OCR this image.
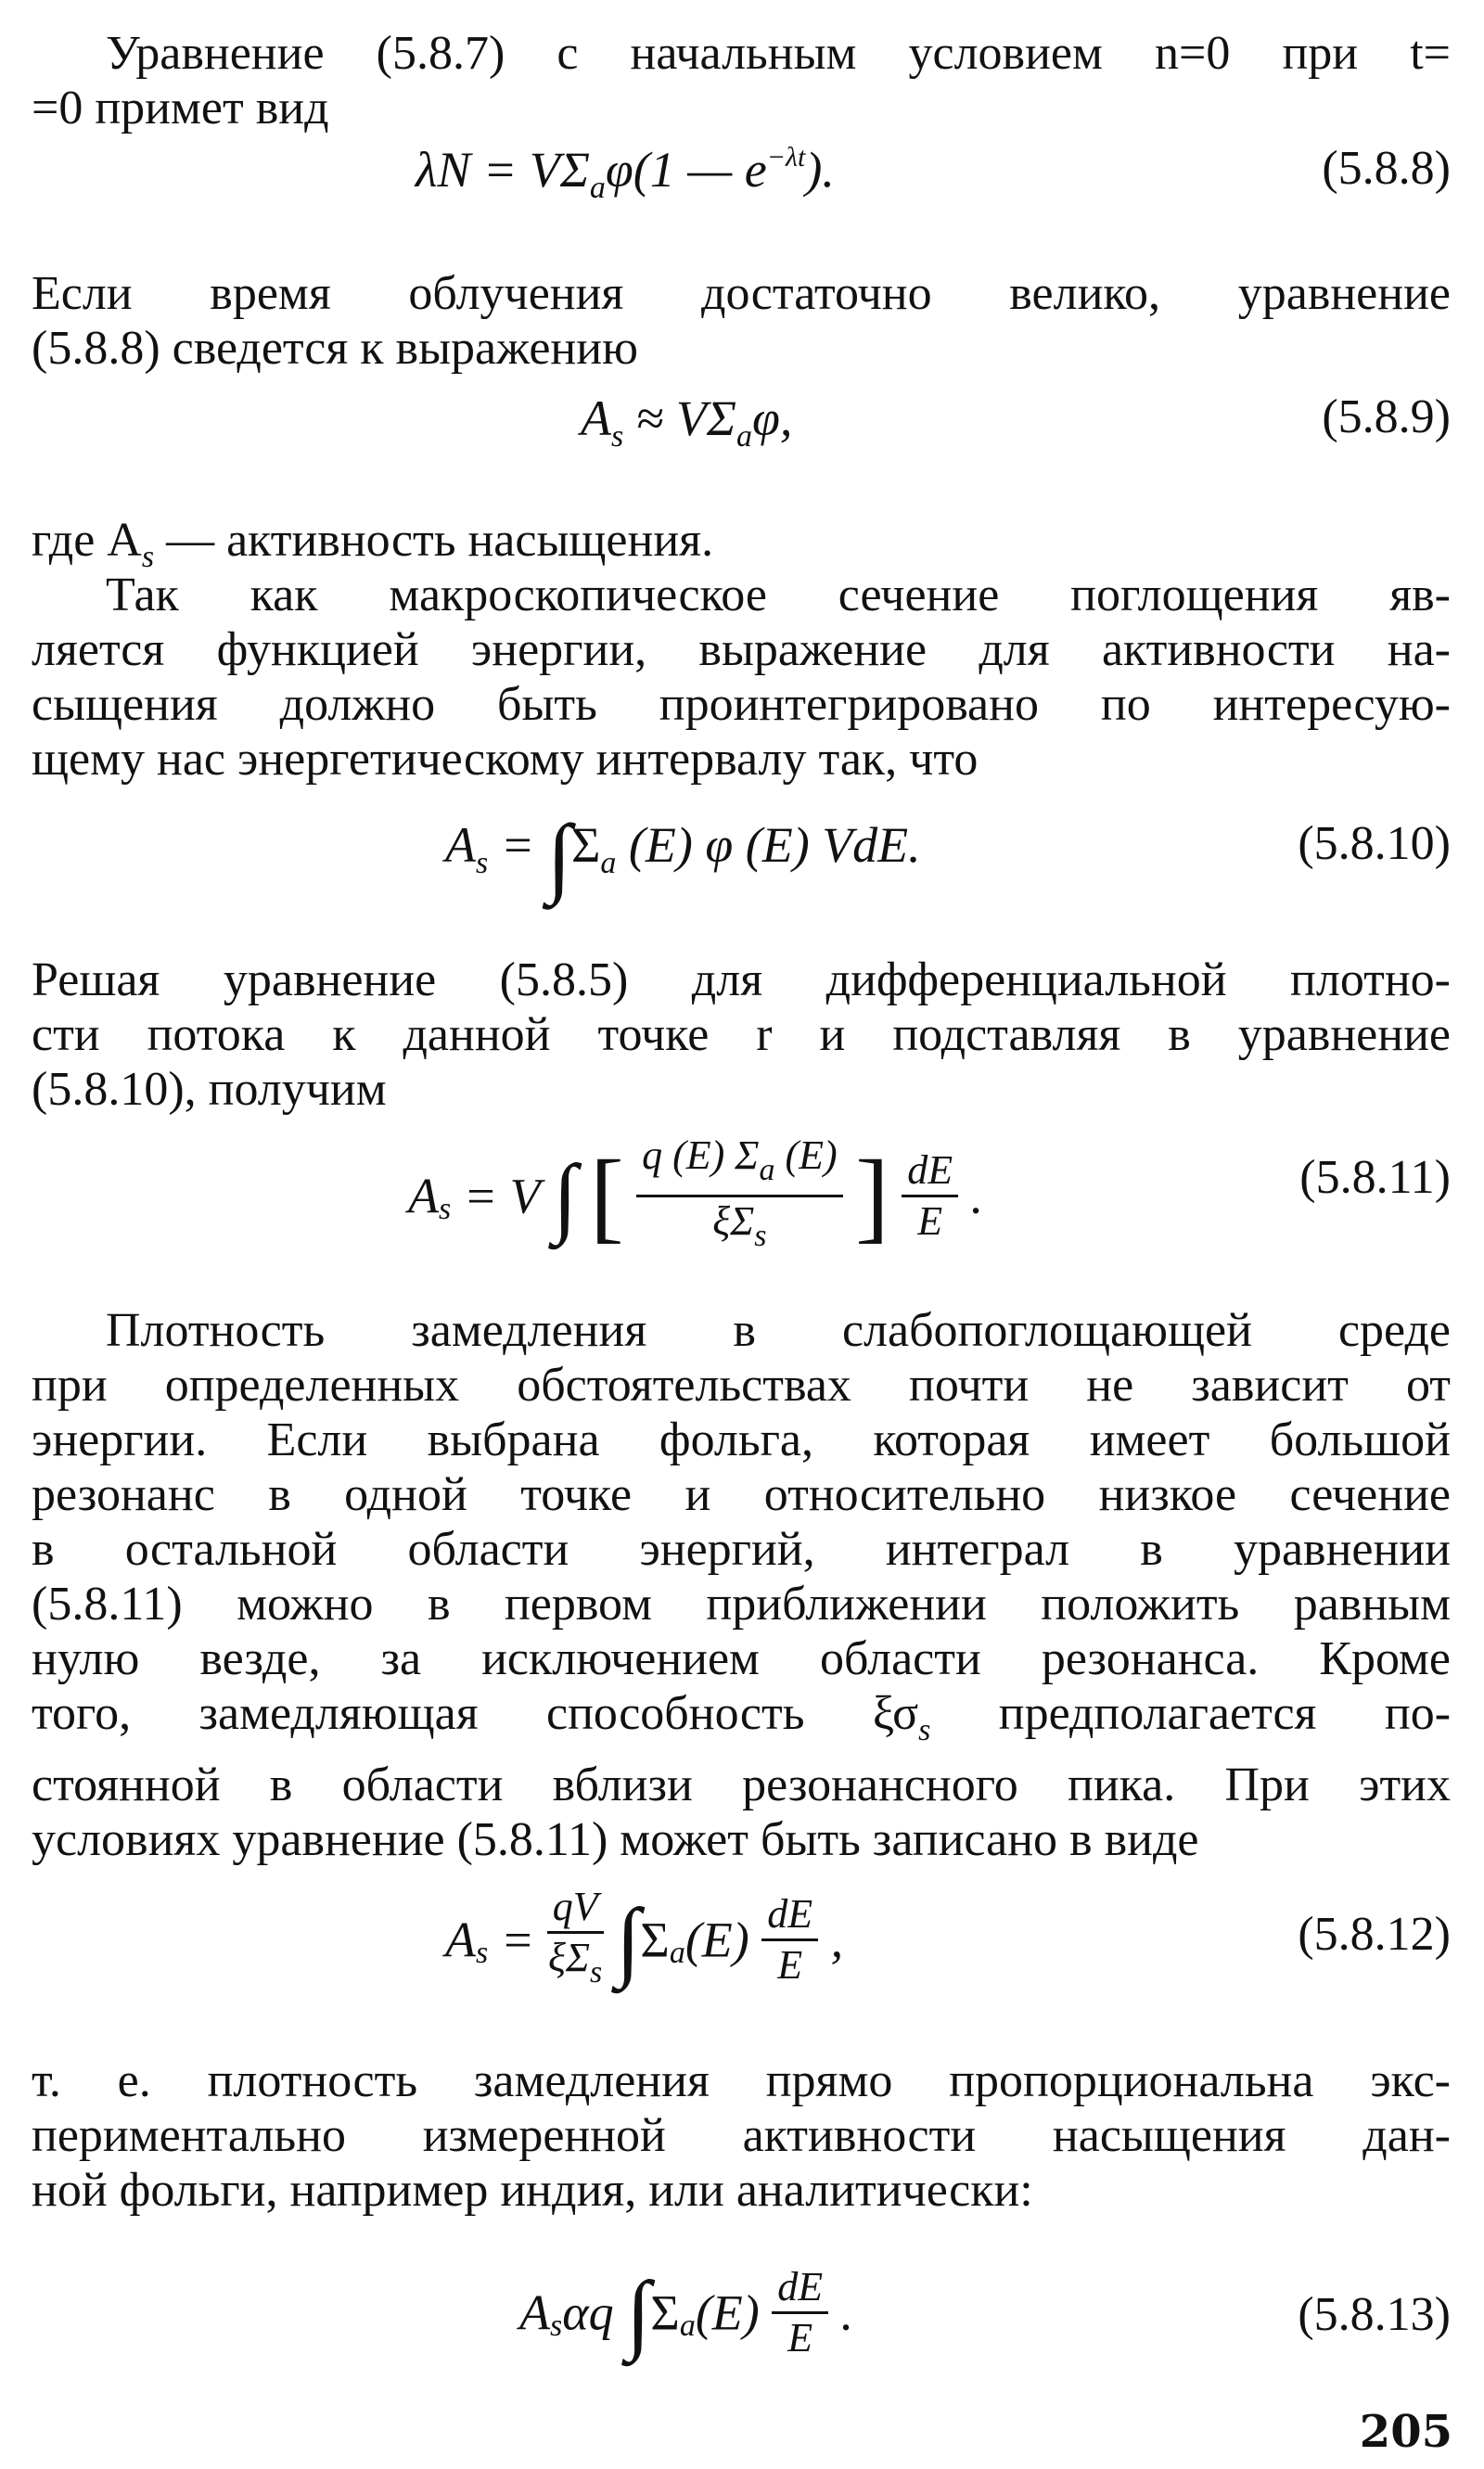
Уравнение (5.8.7) с начальным условием n=0 при t=
=0 примет вид

$\lambda N = V\Sigma_a\varphi(1$ — $e^{-\lambda t}$).	(5.8.8)

Если время облучения достаточно велико, уравнение
(5.8.8) сведется к выражению

$A_s \approx V\Sigma_a\varphi$,	(5.8.9)

где $A_s$ — активность насыщения.

Так как макроскопическое сечение поглощения яв-
ляется функцией энергии, выражение для активности на-
сыщения должно быть проинтегрировано по интересую-
щему нас энергетическому интервалу так, что

$A_s = \int\Sigma_a$ (E) φ (E) VdE.	(5.8.10)

Решая уравнение (5.8.5) для дифференциальной плотно-
сти потока к данной точке r и подставляя в уравнение
(5.8.10), получим

$A_s = V$ ∫ [ $\frac{q (E) \Sigma_a (E)}{\xi\Sigma_s}$ ] $\frac{dE}{E}$ .	(5.8.11)

Плотность замедления в слабопоглощающей среде
при определенных обстоятельствах почти не зависит от
энергии. Если выбрана фольга, которая имеет большой
резонанс в одной точке и относительно низкое сечение
в остальной области энергий, интеграл в уравнении
(5.8.11) можно в первом приближении положить равным
нулю везде, за исключением области резонанса. Кроме
того, замедляющая способность $\xi\sigma_s$ предполагается по-
стоянной в области вблизи резонансного пика. При этих
условиях уравнение (5.8.11) может быть записано в виде

$A_s = \frac{qV}{\xi\Sigma_s} \int\Sigma_a(E) \frac{dE}{E}$ ,	(5.8.12)

т. е. плотность замедления прямо пропорциональна экс-
периментально измеренной активности насыщения дан-
ной фольги, например индия, или аналитически:

$A_s\alpha q$ $\int\Sigma_a(E) \frac{dE}{E}$ .	(5.8.13)
205
